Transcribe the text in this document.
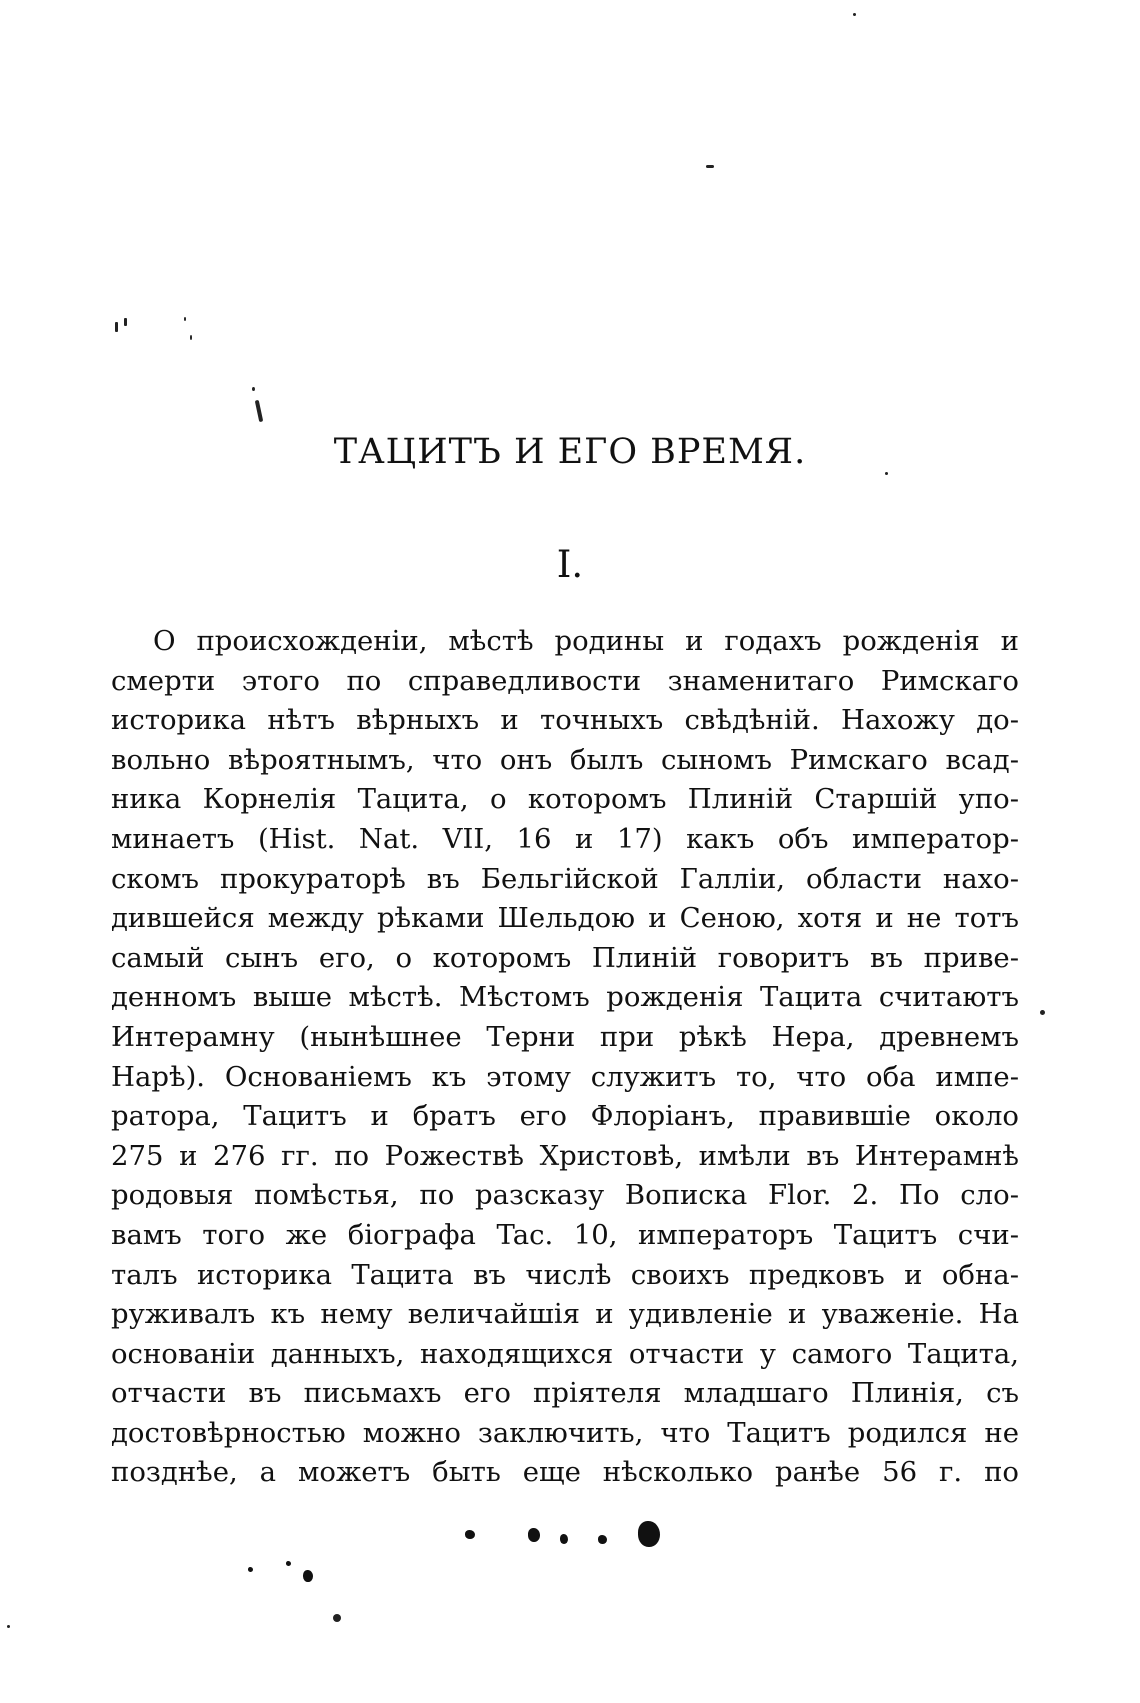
ТАЦИТЪ И ЕГО ВРЕМЯ.
I.
О происхожденіи, мѣстѣ родины и годахъ рожденія и
смерти этого по справедливости знаменитаго Римскаго
историка нѣтъ вѣрныхъ и точныхъ свѣдѣній. Нахожу до-
вольно вѣроятнымъ, что онъ былъ сыномъ Римскаго всад-
ника Корнелія Тацита, о которомъ Плиній Старшій упо-
минаетъ (Hist. Nat. VII, 16 и 17) какъ объ император-
скомъ прокураторѣ въ Бельгійской Галліи, области нахо-
дившейся между рѣками Шельдою и Сеною, хотя и не тотъ
самый сынъ его, о которомъ Плиній говоритъ въ приве-
денномъ выше мѣстѣ. Мѣстомъ рожденія Тацита считаютъ
Интерамну (нынѣшнее Терни при рѣкѣ Нера, древнемъ
Нарѣ). Основаніемъ къ этому служитъ то, что оба импе-
ратора, Тацитъ и братъ его Флоріанъ, правившіе около
275 и 276 гг. по Рожествѣ Христовѣ, имѣли въ Интерамнѣ
родовыя помѣстья, по разсказу Вописка Flor. 2. По сло-
вамъ того же біографа Tac. 10, императоръ Тацитъ счи-
талъ историка Тацита въ числѣ своихъ предковъ и обна-
руживалъ къ нему величайшія и удивленіе и уваженіе. На
основаніи данныхъ, находящихся отчасти у самого Тацита,
отчасти въ письмахъ его пріятеля младшаго Плинія, съ
достовѣрностью можно заключить, что Тацитъ родился не
позднѣе, а можетъ быть еще нѣсколько ранѣе 56 г. по
